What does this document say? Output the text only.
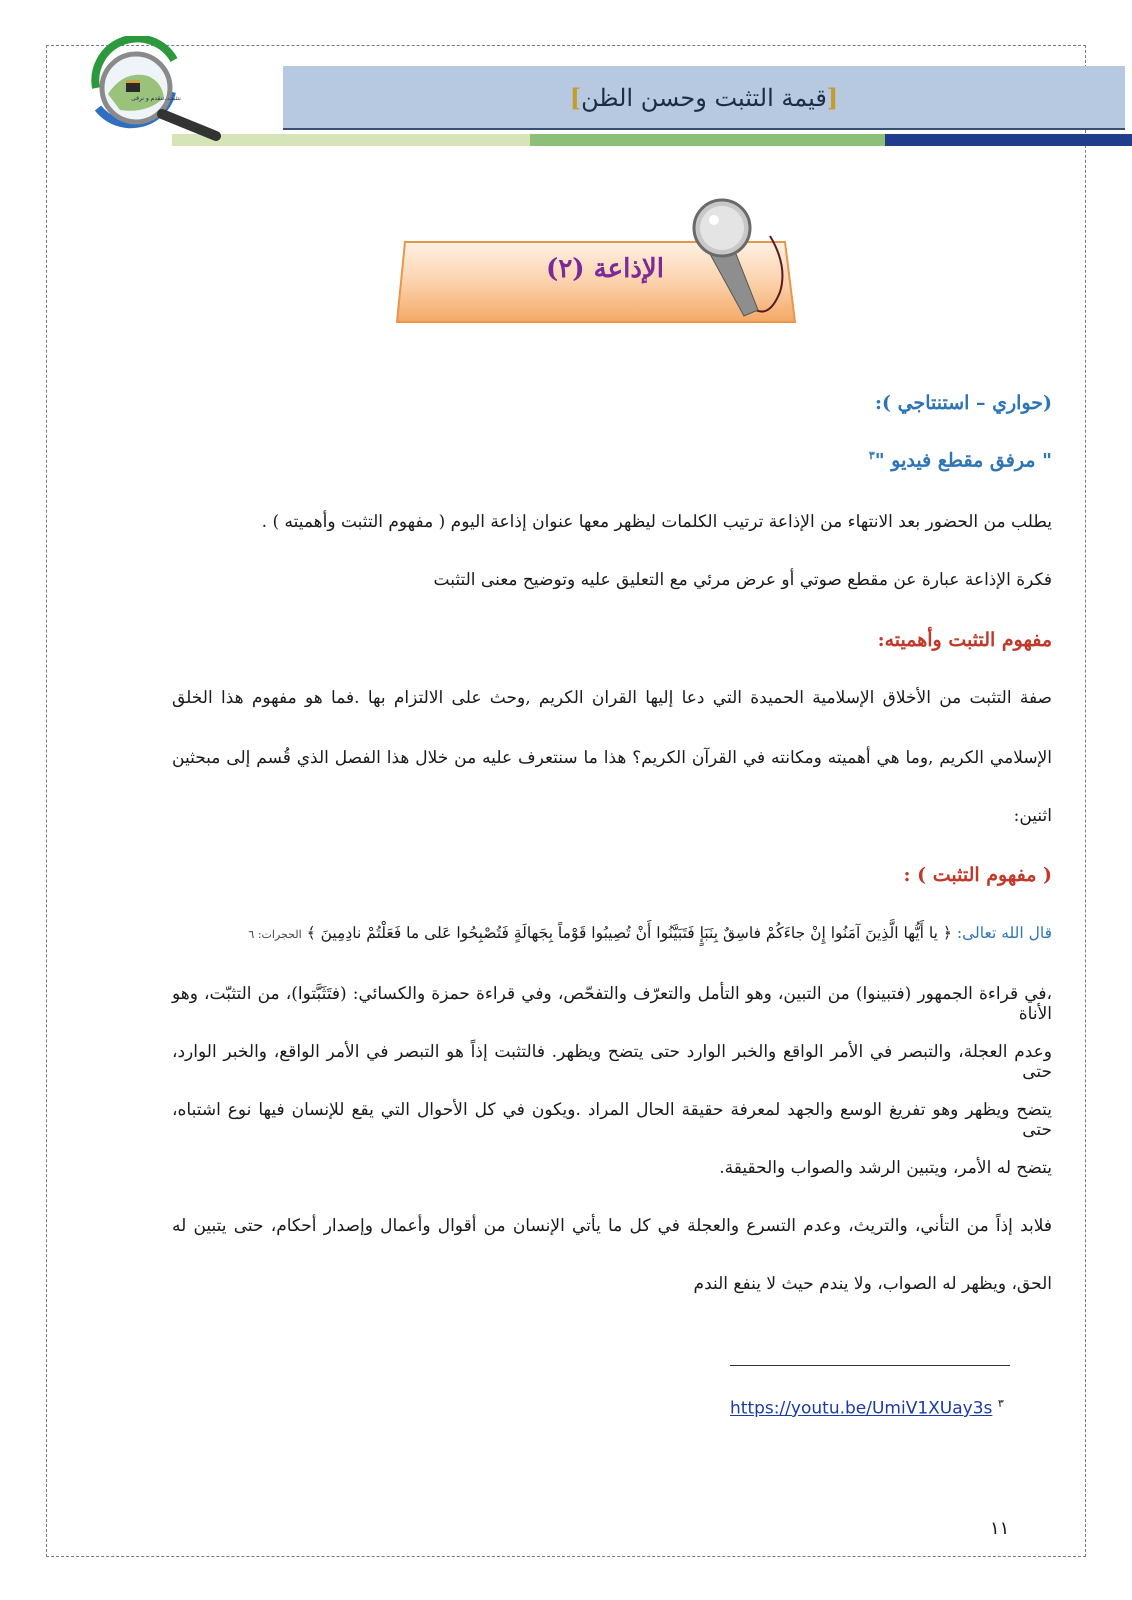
[قيمة التثبت وحسن الظن]
نتثبت..نتقدم و نرقى
الإذاعة (٢)
(حواري – استنتاجي ):
" مرفق مقطع فيديو "$^٣$
يطلب من الحضور بعد الانتهاء من الإذاعة ترتيب الكلمات ليظهر معها عنوان إذاعة اليوم ( مفهوم التثبت وأهميته ) .
فكرة الإذاعة عبارة عن مقطع صوتي أو عرض مرئي مع التعليق عليه وتوضيح معنى التثبت
مفهوم التثبت وأهميته:
صفة التثبت من الأخلاق الإسلامية الحميدة التي دعا إليها القران الكريم ,وحث على الالتزام بها .فما هو مفهوم هذا الخلق
الإسلامي الكريم ,وما هي أهميته ومكانته في القرآن الكريم؟ هذا ما سنتعرف عليه من خلال هذا الفصل الذي قُسم إلى مبحثين
اثنين:
( مفهوم التثبت ) :
قال الله تعالى: ﴿ يا أَيُّها الَّذِينَ آمَنُوا إِنْ جاءَكُمْ فاسِقٌ بِنَبَإٍ فَتَبَيَّنُوا أَنْ تُصِيبُوا قَوْماً بِجَهالَةٍ فَتُصْبِحُوا عَلى ما فَعَلْتُمْ نادِمِينَ ﴾ الحجرات: ٦
،في قراءة الجمهور (فتبينوا) من التبين، وهو التأمل والتعرّف والتفحّص، وفي قراءة حمزة والكسائي: (فتَثَبَّتوا)، من التثبّت، وهو الأناة
وعدم العجلة، والتبصر في الأمر الواقع والخبر الوارد حتى يتضح ويظهر. فالتثبت إذاً هو التبصر في الأمر الواقع، والخبر الوارد، حتى
يتضح ويظهر وهو تفريغ الوسع والجهد لمعرفة حقيقة الحال المراد .ويكون في كل الأحوال التي يقع للإنسان فيها نوع اشتباه، حتى
يتضح له الأمر، ويتبين الرشد والصواب والحقيقة.
فلابد إذاً من التأني، والتريث، وعدم التسرع والعجلة في كل ما يأتي الإنسان من أقوال وأعمال وإصدار أحكام، حتى يتبين له
الحق، ويظهر له الصواب، ولا يندم حيث لا ينفع الندم
https://youtu.be/UmiV1XUay3s $^٣$
١١
